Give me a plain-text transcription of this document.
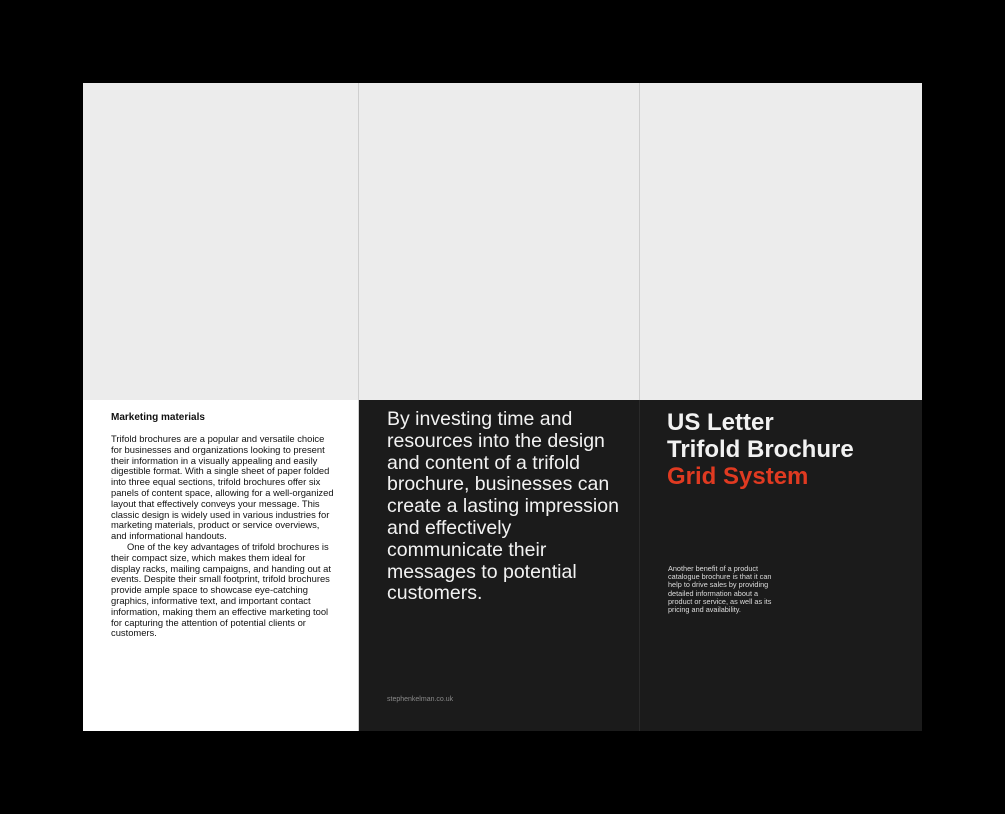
Marketing materials

Trifold brochures are a popular and versatile choice for businesses and organizations looking to present their information in a visually appealing and easily digestible format. With a single sheet of paper folded into three equal sections, trifold brochures offer six panels of content space, allowing for a well-organized layout that effectively conveys your message. This classic design is widely used in various industries for marketing materials, product or service overviews, and informational handouts.

One of the key advantages of trifold brochures is their compact size, which makes them ideal for display racks, mailing campaigns, and handing out at events. Despite their small footprint, trifold brochures provide ample space to showcase eye-catching graphics, informative text, and important contact information, making them an effective marketing tool for capturing the attention of potential clients or customers.

By investing time and resources into the design and content of a trifold brochure, businesses can create a lasting impression and effectively communicate their messages to potential customers.

stephenkelman.co.uk
US Letter
Trifold Brochure
Grid System
Another benefit of a product catalogue brochure is that it can help to drive sales by providing detailed information about a product or service, as well as its pricing and availability.
